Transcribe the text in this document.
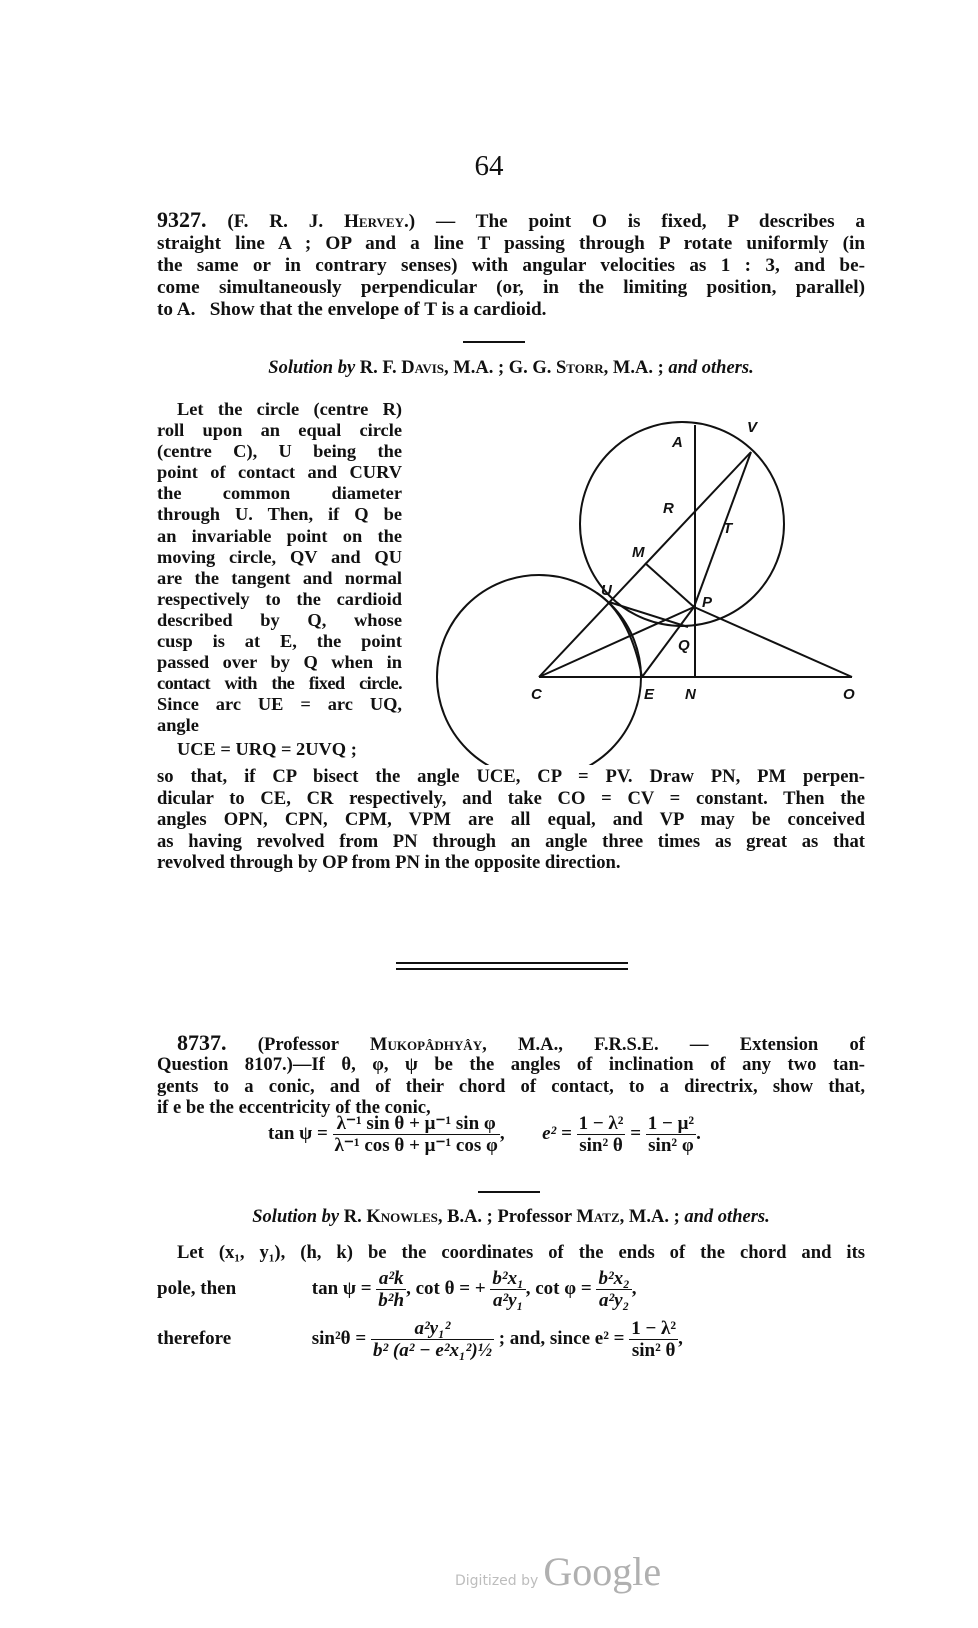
64
9327. (F. R. J. Hervey.) — The point O is fixed, P describes a
straight line A ; OP and a line T passing through P rotate uniformly (in
the same or in contrary senses) with angular velocities as 1 : 3, and be-
come simultaneously perpendicular (or, in the limiting position, parallel)
to A.   Show that the envelope of T is a cardioid.
Solution by R. F. Davis, M.A. ; G. G. Storr, M.A. ; and others.
Let the circle (centre R)
roll upon an equal circle
(centre C), U being the
point of contact and CURV
the common diameter
through U. Then, if Q be
an invariable point on the
moving circle, QV and QU
are the tangent and normal
respectively to the cardioid
described by Q, whose
cusp is at E, the point
passed over by Q when in
contact with the fixed circle.
Since arc UE = arc UQ,
angle
UCE = URQ = 2UVQ ;
A
V
R
T
M
U
P
Q
C	E N	O
so that, if CP bisect the angle UCE, CP = PV. Draw PN, PM perpen-
dicular to CE, CR respectively, and take CO = CV = constant. Then the
angles OPN, CPN, CPM, VPM are all equal, and VP may be conceived
as having revolved from PN through an angle three times as great as that
revolved through by OP from PN in the opposite direction.
8737. (Professor Mukopâdhyây, M.A., F.R.S.E. — Extension of
Question 8107.)—If θ, φ, ψ be the angles of inclination of any two tan-
gents to a conic, and of their chord of contact, to a directrix, show that,
if e be the eccentricity of the conic,
$\tan \psi = \frac{\text{λ⁻¹ sin θ + μ⁻¹ sin φ}}{\text{λ⁻¹ cos θ + μ⁻¹ cos φ}}$ , $e^2 = \frac{\text{1 − λ²}}{\text{sin² θ}} = \frac{\text{1 − μ²}}{\text{sin² φ}}$ .
Solution by R. Knowles, B.A. ; Professor Matz, M.A. ; and others.
Let (x₁, y₁), (h, k) be the coordinates of the ends of the chord and its
pole, then	$\tan \psi = \frac{\text{a²k}}{\text{b²h}}$ , cot θ = + $\frac{\text{b²x₁}}{\text{a²y₁}}$ , $\cot \varphi = \frac{\text{b²x₂}}{\text{a²y₂}}$ ,
therefore	$\sin^2\theta = \frac{\text{a²y₁²}}{\text{b² (a² − e²x₁²)½}}$ ; and, since $e^2 = \frac{\text{1 − λ²}}{\text{sin² θ}}$ ,
Digitized by Google
